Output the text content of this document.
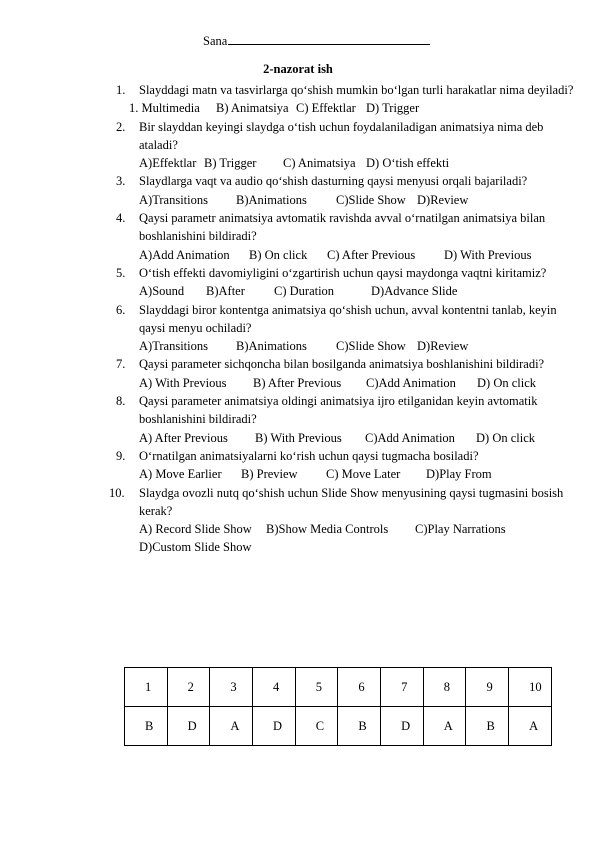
Sana
2-nazorat ish
1. Slayddagi matn va tasvirlarga qo‘shish mumkin bo‘lgan turli harakatlar nima deyiladi?
1. Multimedia B) Animatsiya C) Effektlar D) Trigger
2. Bir slayddan keyingi slaydga o‘tish uchun foydalaniladigan animatsiya nima deb ataladi?
A)Effektlar B) Trigger C) Animatsiya D) O‘tish effekti
3. Slaydlarga vaqt va audio qo‘shish dasturning qaysi menyusi orqali bajariladi?
A)Transitions B)Animations C)Slide Show D)Review
4. Qaysi parametr animatsiya avtomatik ravishda avval o‘rnatilgan animatsiya bilan boshlanishini bildiradi?
A)Add Animation B) On click C) After Previous D) With Previous
5. O‘tish effekti davomiyligini o‘zgartirish uchun qaysi maydonga vaqtni kiritamiz?
A)Sound B)After C) Duration	D)Advance Slide
6. Slayddagi biror kontentga animatsiya qo‘shish uchun, avval kontentni tanlab, keyin qaysi menyu ochiladi?
A)Transitions B)Animations C)Slide Show D)Review
7. Qaysi parameter sichqoncha bilan bosilganda animatsiya boshlanishini bildiradi?
A) With Previous B) After Previous C)Add Animation D) On click
8. Qaysi parameter animatsiya oldingi animatsiya ijro etilganidan keyin avtomatik boshlanishini bildiradi?
A) After Previous B) With Previous C)Add Animation D) On click
9. O‘rnatilgan animatsiyalarni ko‘rish uchun qaysi tugmacha bosiladi?
A) Move Earlier B) Preview C) Move Later D)Play From
10. Slaydga ovozli nutq qo‘shish uchun Slide Show menyusining qaysi tugmasini bosish kerak?
A) Record Slide Show B)Show Media Controls C)Play Narrations
D)Custom Slide Show
1	2	3	4	5	6	7	8	9	10
B	D	A	D	C	B	D	A	B	A
